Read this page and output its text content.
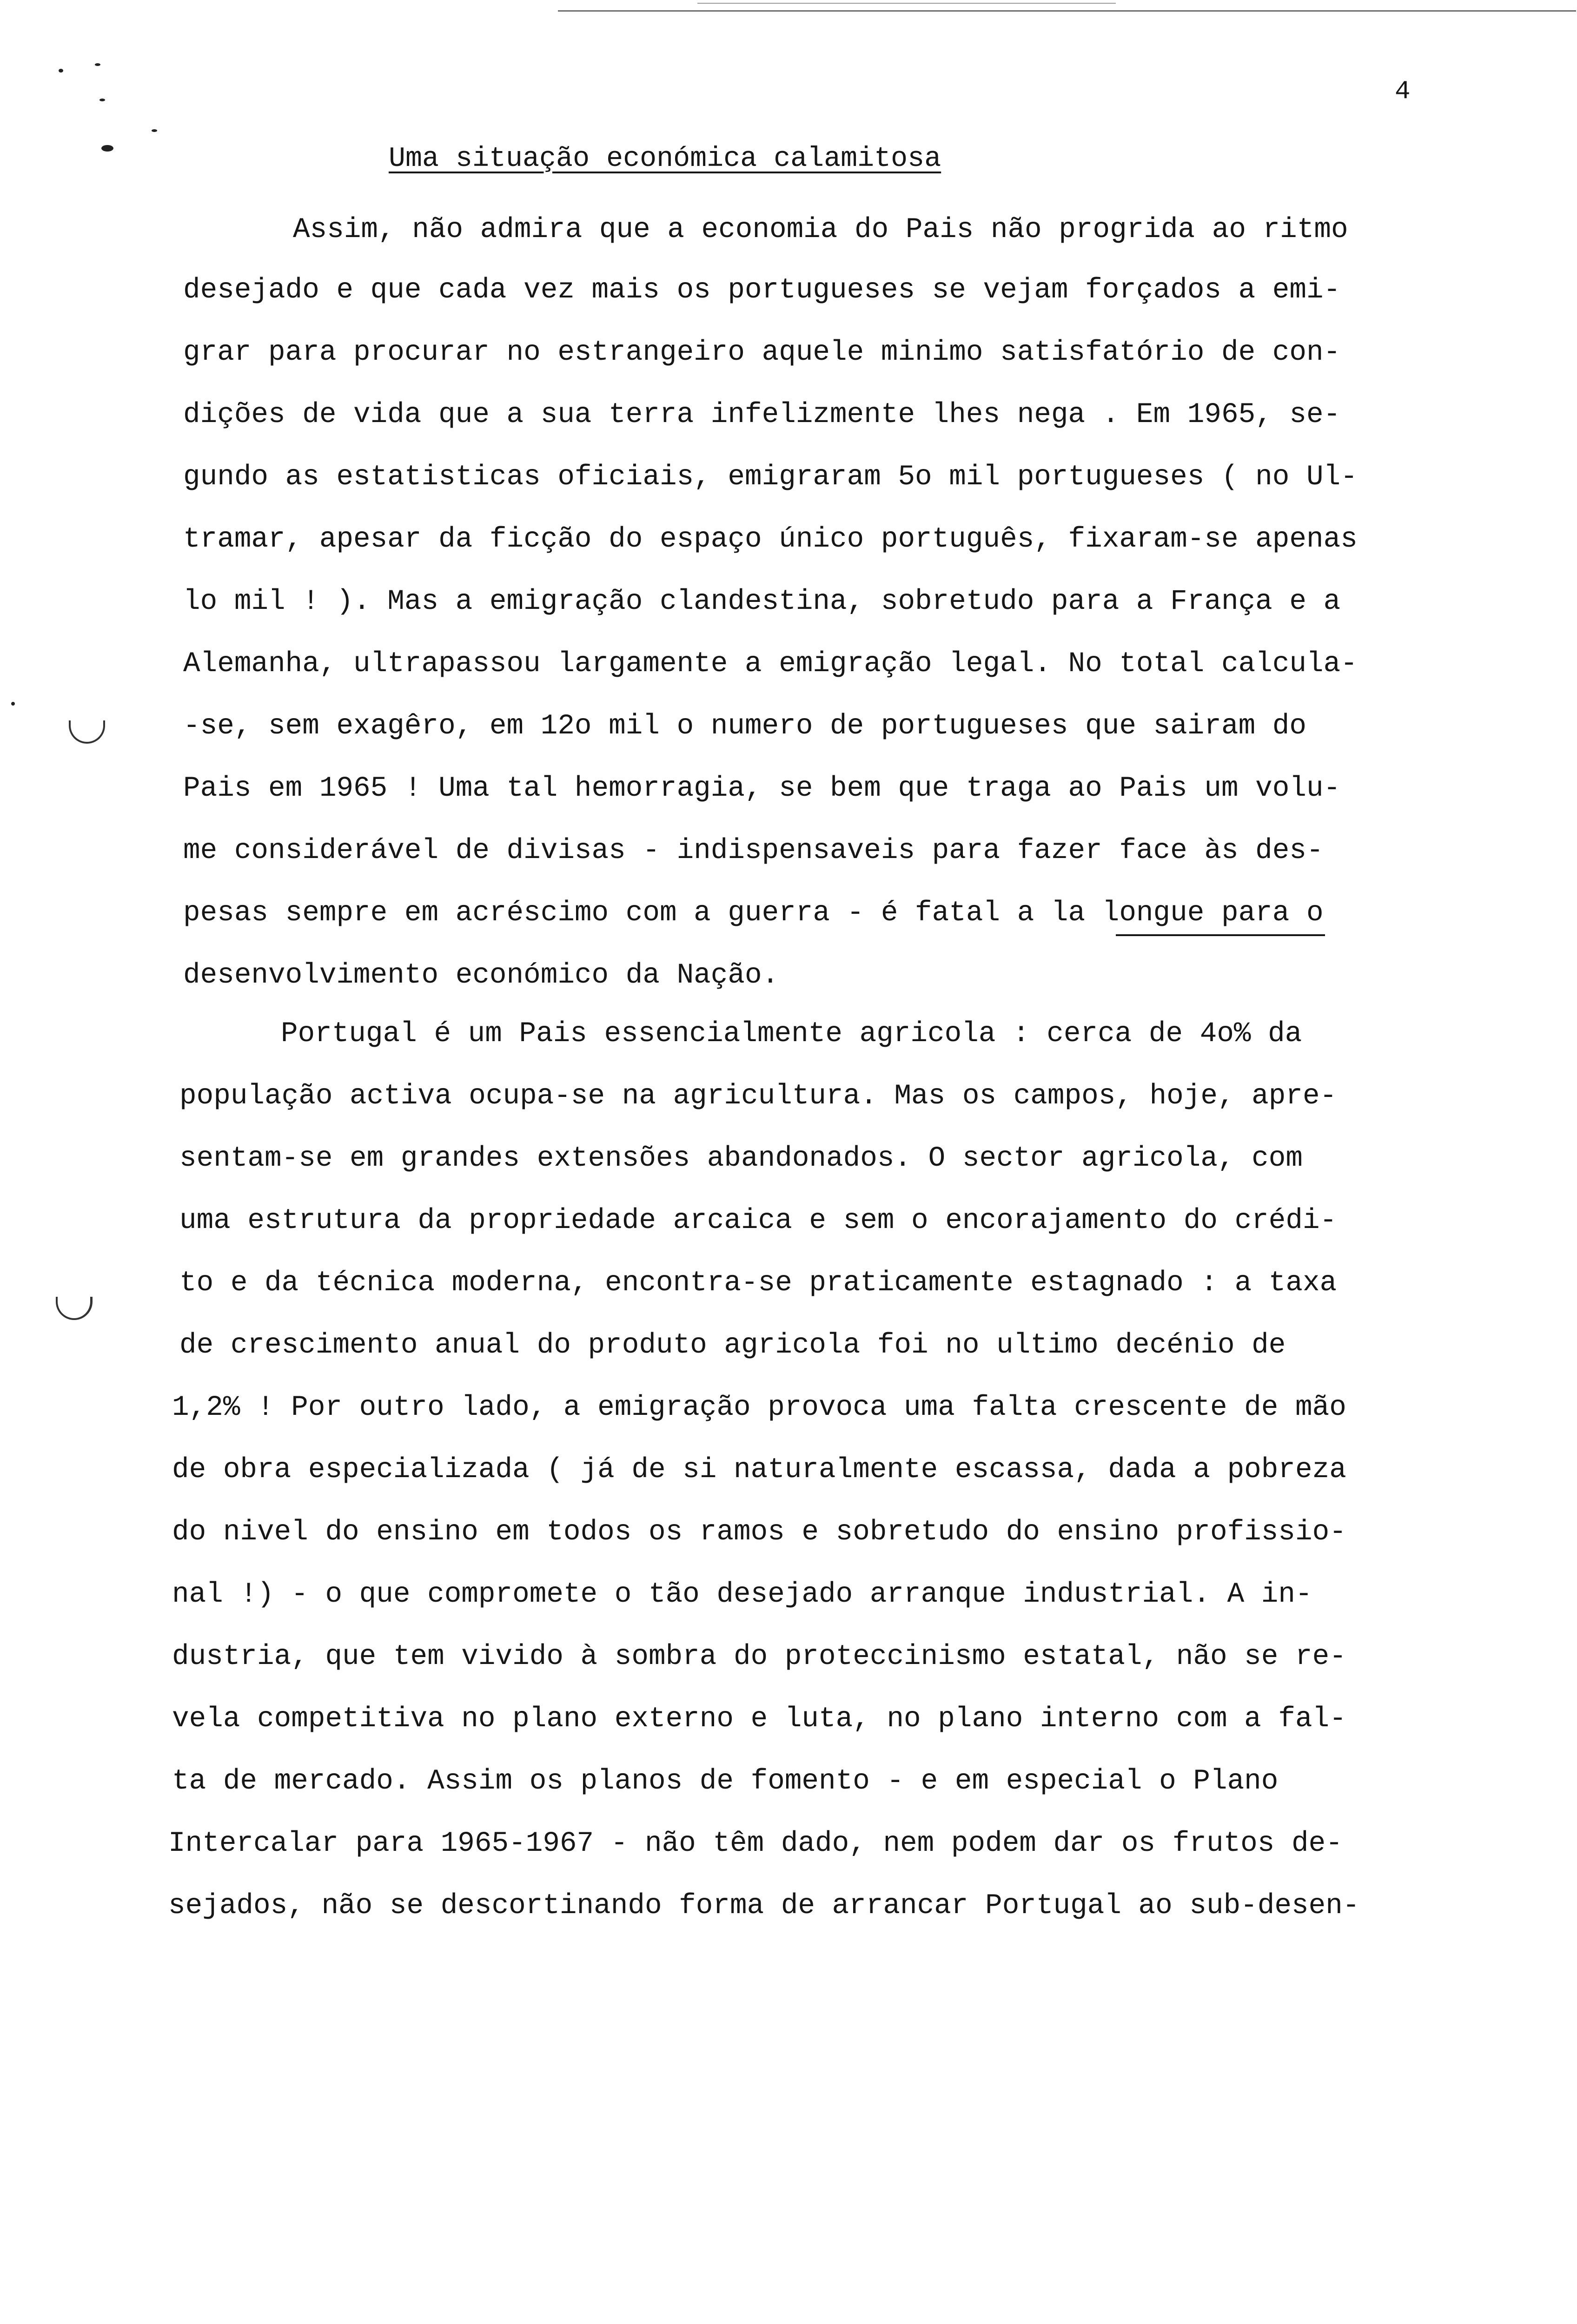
4
Uma situação económica calamitosa
Assim, não admira que a economia do Pais não progrida ao ritmo
desejado e que cada vez mais os portugueses se vejam forçados a emi-
grar para procurar no estrangeiro aquele minimo satisfatório de con-
dições de vida que a sua terra infelizmente lhes nega . Em 1965, se-
gundo as estatisticas oficiais, emigraram 5o mil portugueses ( no Ul-
tramar, apesar da ficção do espaço único português, fixaram-se apenas
lo mil ! ). Mas a emigração clandestina, sobretudo para a França e a
Alemanha, ultrapassou largamente a emigração legal. No total calcula-
-se, sem exagêro, em 12o mil o numero de portugueses que sairam do
Pais em 1965 ! Uma tal hemorragia, se bem que traga ao Pais um volu-
me considerável de divisas - indispensaveis para fazer face às des-
pesas sempre em acréscimo com a guerra - é fatal a la longue para o
desenvolvimento económico da Nação.
Portugal é um Pais essencialmente agricola : cerca de 4o% da
população activa ocupa-se na agricultura. Mas os campos, hoje, apre-
sentam-se em grandes extensões abandonados. O sector agricola, com
uma estrutura da propriedade arcaica e sem o encorajamento do crédi-
to e da técnica moderna, encontra-se praticamente estagnado : a taxa
de crescimento anual do produto agricola foi no ultimo decénio de
1,2% ! Por outro lado, a emigração provoca uma falta crescente de mão
de obra especializada ( já de si naturalmente escassa, dada a pobreza
do nivel do ensino em todos os ramos e sobretudo do ensino profissio-
nal !) - o que compromete o tão desejado arranque industrial. A in-
dustria, que tem vivido à sombra do proteccinismo estatal, não se re-
vela competitiva no plano externo e luta, no plano interno com a fal-
ta de mercado. Assim os planos de fomento - e em especial o Plano
Intercalar para 1965-1967 - não têm dado, nem podem dar os frutos de-
sejados, não se descortinando forma de arrancar Portugal ao sub-desen-
